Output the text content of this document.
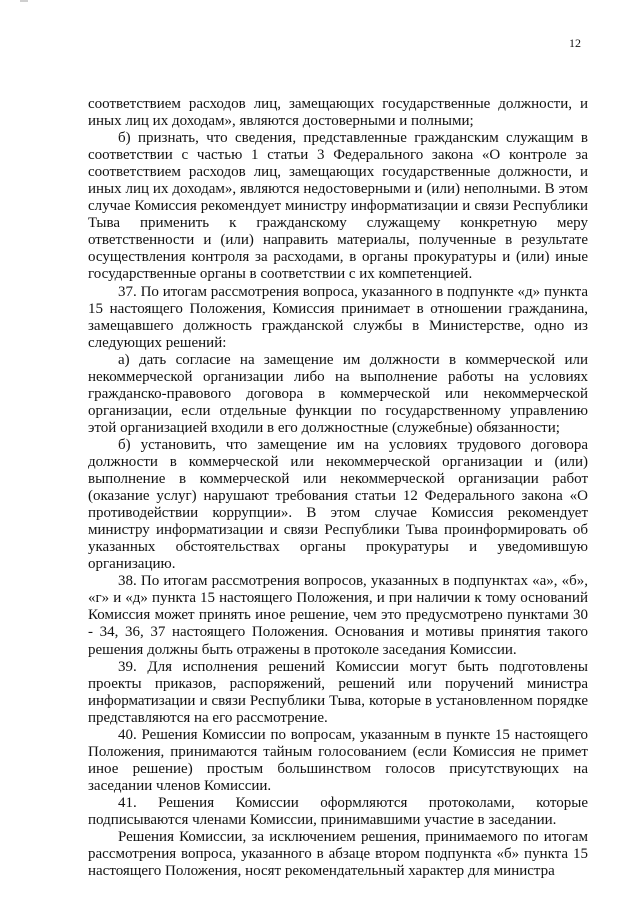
12

соответствием расходов лиц, замещающих государственные должности, и иных лиц их доходам», являются достоверными и полными;

б) признать, что сведения, представленные гражданским служащим в соответствии с частью 1 статьи 3 Федерального закона «О контроле за соответствием расходов лиц, замещающих государственные должности, и иных лиц их доходам», являются недостоверными и (или) неполными. В этом случае Комиссия рекомендует министру информатизации и связи Республики Тыва применить к гражданскому служащему конкретную меру ответственности и (или) направить материалы, полученные в результате осуществления контроля за расходами, в органы прокуратуры и (или) иные государственные органы в соответствии с их компетенцией.

37. По итогам рассмотрения вопроса, указанного в подпункте «д» пункта 15 настоящего Положения, Комиссия принимает в отношении гражданина, замещавшего должность гражданской службы в Министерстве, одно из следующих решений:

а) дать согласие на замещение им должности в коммерческой или некоммерческой организации либо на выполнение работы на условиях гражданско-правового договора в коммерческой или некоммерческой организации, если отдельные функции по государственному управлению этой организацией входили в его должностные (служебные) обязанности;

б) установить, что замещение им на условиях трудового договора должности в коммерческой или некоммерческой организации и (или) выполнение в коммерческой или некоммерческой организации работ (оказание услуг) нарушают требования статьи 12 Федерального закона «О противодействии коррупции». В этом случае Комиссия рекомендует министру информатизации и связи Республики Тыва проинформировать об указанных обстоятельствах органы прокуратуры и уведомившую организацию.

38. По итогам рассмотрения вопросов, указанных в подпунктах «а», «б», «г» и «д» пункта 15 настоящего Положения, и при наличии к тому оснований Комиссия может принять иное решение, чем это предусмотрено пунктами 30 - 34, 36, 37 настоящего Положения. Основания и мотивы принятия такого решения должны быть отражены в протоколе заседания Комиссии.

39. Для исполнения решений Комиссии могут быть подготовлены проекты приказов, распоряжений, решений или поручений министра информатизации и связи Республики Тыва, которые в установленном порядке представляются на его рассмотрение.

40. Решения Комиссии по вопросам, указанным в пункте 15 настоящего Положения, принимаются тайным голосованием (если Комиссия не примет иное решение) простым большинством голосов присутствующих на заседании членов Комиссии.

41. Решения Комиссии оформляются протоколами, которые подписываются членами Комиссии, принимавшими участие в заседании.

Решения Комиссии, за исключением решения, принимаемого по итогам рассмотрения вопроса, указанного в абзаце втором подпункта «б» пункта 15 настоящего Положения, носят рекомендательный характер для министра
